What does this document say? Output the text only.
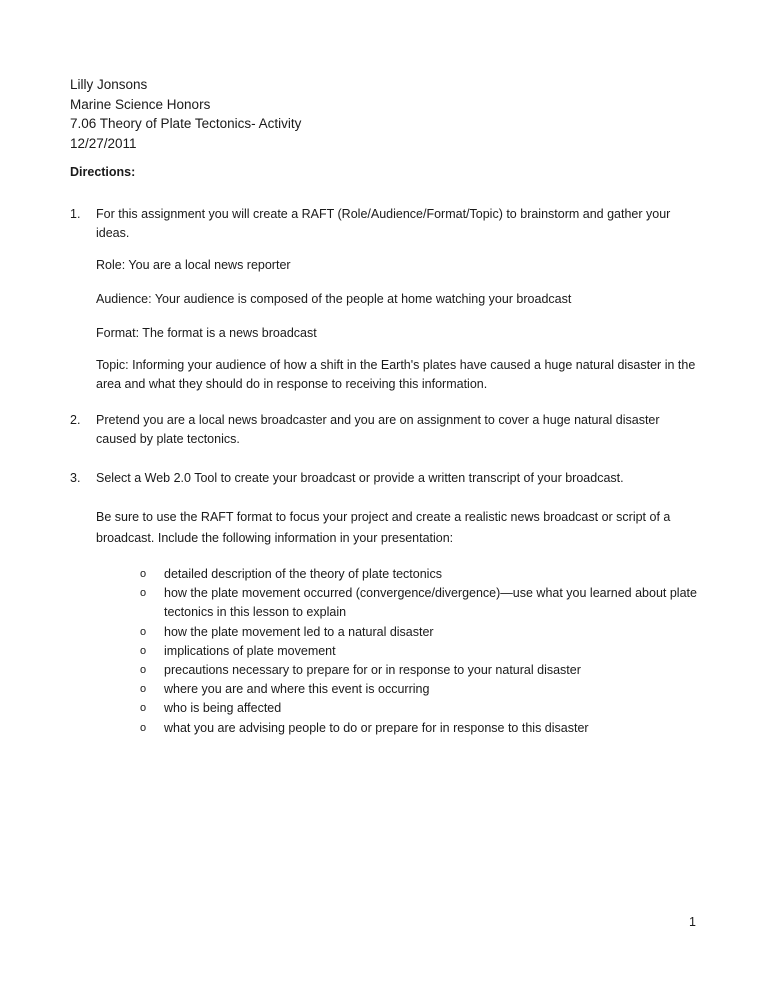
Lilly Jonsons
Marine Science Honors
7.06 Theory of Plate Tectonics- Activity
12/27/2011
Directions:
1.	For this assignment you will create a RAFT (Role/Audience/Format/Topic) to brainstorm and gather your ideas.
Role: You are a local news reporter
Audience: Your audience is composed of the people at home watching your broadcast
Format: The format is a news broadcast
Topic: Informing your audience of how a shift in the Earth's plates have caused a huge natural disaster in the area and what they should do in response to receiving this information.
2.	Pretend you are a local news broadcaster and you are on assignment to cover a huge natural disaster caused by plate tectonics.
3.	Select a Web 2.0 Tool to create your broadcast or provide a written transcript of your broadcast.
Be sure to use the RAFT format to focus your project and create a realistic news broadcast or script of a broadcast. Include the following information in your presentation:
o detailed description of the theory of plate tectonics
o how the plate movement occurred (convergence/divergence)—use what you learned about plate tectonics in this lesson to explain
o how the plate movement led to a natural disaster
o implications of plate movement
o precautions necessary to prepare for or in response to your natural disaster
o where you are and where this event is occurring
o who is being affected
o what you are advising people to do or prepare for in response to this disaster
1
